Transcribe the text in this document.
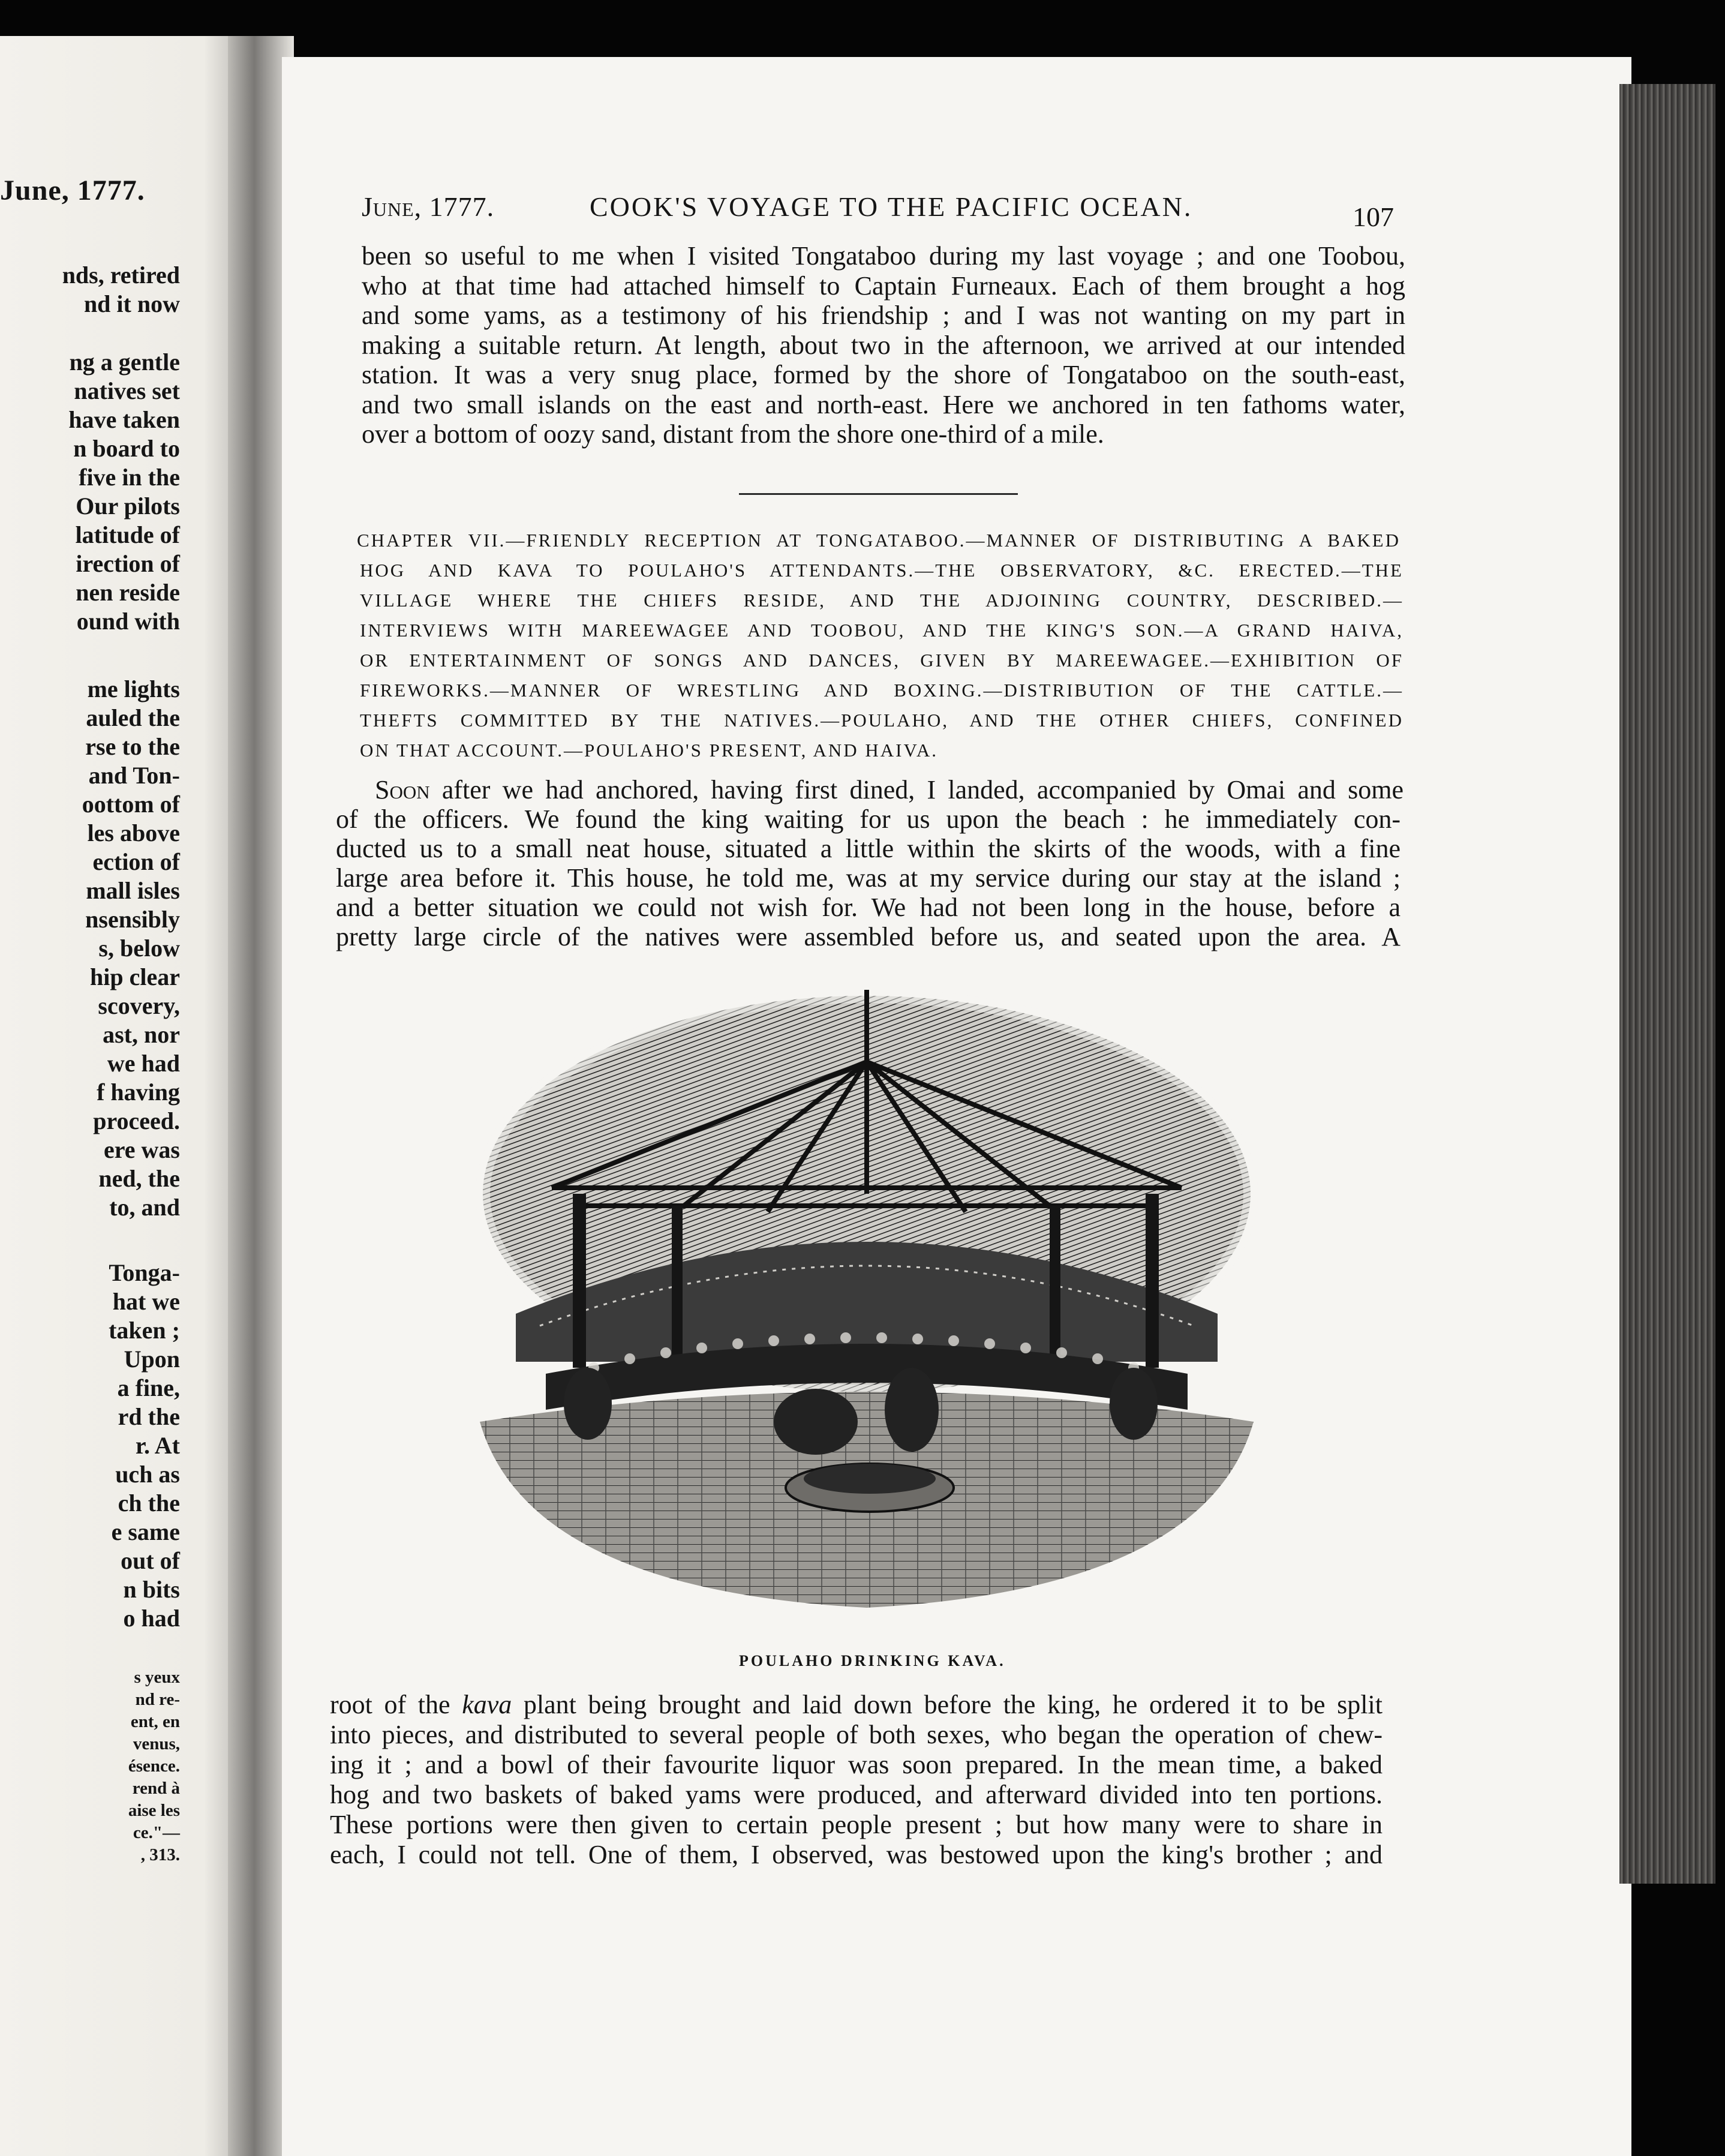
June, 1777.
nds, retired
nd it now
ng a gentle
natives set
have taken
n board to
five in the
Our pilots
latitude of
irection of
nen reside
ound with
me lights
auled the
rse to the
and Ton-
oottom of
les above
ection of
mall isles
nsensibly
s, below
hip clear
scovery,
ast, nor
we had
f having
proceed.
ere was
ned, the
to, and
Tonga-
hat we
taken ;
Upon
a fine,
rd the
r. At
uch as
ch the
e same
out of
n bits
o had
s yeux
nd re-
ent, en
venus,
ésence.
rend à
aise les
ce."—
, 313.
June, 1777.	COOK'S VOYAGE TO THE PACIFIC OCEAN.	107
been so useful to me when I visited Tongataboo during my last voyage ; and one Toobou,
who at that time had attached himself to Captain Furneaux. Each of them brought a hog
and some yams, as a testimony of his friendship ; and I was not wanting on my part in
making a suitable return. At length, about two in the afternoon, we arrived at our intended
station. It was a very snug place, formed by the shore of Tongataboo on the south-east,
and two small islands on the east and north-east. Here we anchored in ten fathoms water,
over a bottom of oozy sand, distant from the shore one-third of a mile.
CHAPTER VII.—FRIENDLY RECEPTION AT TONGATABOO.—MANNER OF DISTRIBUTING A BAKED
HOG AND KAVA TO POULAHO'S ATTENDANTS.—THE OBSERVATORY, &C. ERECTED.—THE
VILLAGE WHERE THE CHIEFS RESIDE, AND THE ADJOINING COUNTRY, DESCRIBED.—
INTERVIEWS WITH MAREEWAGEE AND TOOBOU, AND THE KING'S SON.—A GRAND HAIVA,
OR ENTERTAINMENT OF SONGS AND DANCES, GIVEN BY MAREEWAGEE.—EXHIBITION OF
FIREWORKS.—MANNER OF WRESTLING AND BOXING.—DISTRIBUTION OF THE CATTLE.—
THEFTS COMMITTED BY THE NATIVES.—POULAHO, AND THE OTHER CHIEFS, CONFINED
ON THAT ACCOUNT.—POULAHO'S PRESENT, AND HAIVA.
Soon after we had anchored, having first dined, I landed, accompanied by Omai and some
of the officers. We found the king waiting for us upon the beach : he immediately con-
ducted us to a small neat house, situated a little within the skirts of the woods, with a fine
large area before it. This house, he told me, was at my service during our stay at the island ;
and a better situation we could not wish for. We had not been long in the house, before a
pretty large circle of the natives were assembled before us, and seated upon the area. A
POULAHO DRINKING KAVA.
root of the kava plant being brought and laid down before the king, he ordered it to be split
into pieces, and distributed to several people of both sexes, who began the operation of chew-
ing it ; and a bowl of their favourite liquor was soon prepared. In the mean time, a baked
hog and two baskets of baked yams were produced, and afterward divided into ten portions.
These portions were then given to certain people present ; but how many were to share in
each, I could not tell. One of them, I observed, was bestowed upon the king's brother ; and
